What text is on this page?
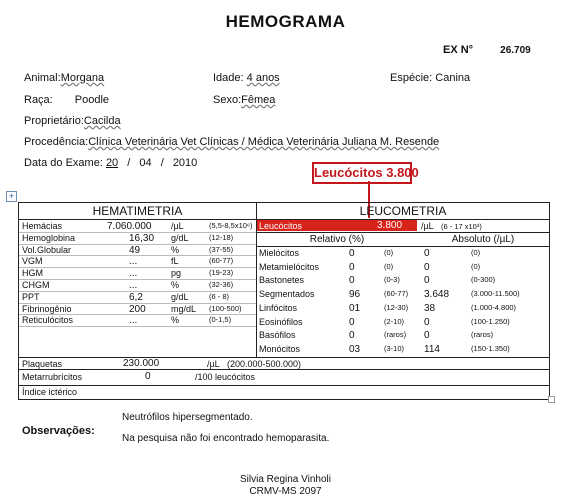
HEMOGRAMA
EX N°	26.709
Animal:Morgana	Idade: 4 anos	Espécie: Canina
Raça: Poodle	Sexo:Fêmea
Proprietário:Cacilda
Procedência:Clínica Veterinária Vet Clínicas / Médica Veterinária Juliana M. Resende
Data do Exame: 20 / 04 / 2010
Leucócitos 3.800
+
HEMATIMETRIA	LEUCOMETRIA
Hemácias	7.060.000 /µL	(5,5-8,5x10⁶)
Hemoglobina	16,30 g/dL	(12-18)
Vol.Globular	49	%	(37-55)
VGM	...	fL	(60-77)
HGM	...	pg	(19-23)
CHGM	...	%	(32-36)
PPT	6,2	g/dL	(6 - 8)
Fibrinogênio	200	mg/dL (100-500)
Reticulócitos	...	%	(0-1,5)
Leucócitos	3.800 /µL (6 - 17 x10³)
Relativo (%)	Absoluto (/µL)
Mielócitos	0	(0)	0	(0)
Metamielócitos	0	(0)	0	(0)
Bastonetes	0	(0-3) 0	(0-300)
Segmentados	96	(60-77) 3.648	(3.000-11.500)
Linfócitos	01	(12-30) 38	(1.000-4.800)
Eosinófilos	0	(2-10) 0	(100-1.250)
Basófilos	0	(raros) 0	(raros)
Monócitos	03	(3-10) 114	(150-1.350)
Plaquetas	230.000	/µL (200.000-500.000)
Metarrubrícitos	0	/100 leucócitos
Índice ictérico
Observações:
Neutrófilos hipersegmentado.
Na pesquisa não foi encontrado hemoparasita.
Silvia Regina Vinholi
CRMV-MS 2097
